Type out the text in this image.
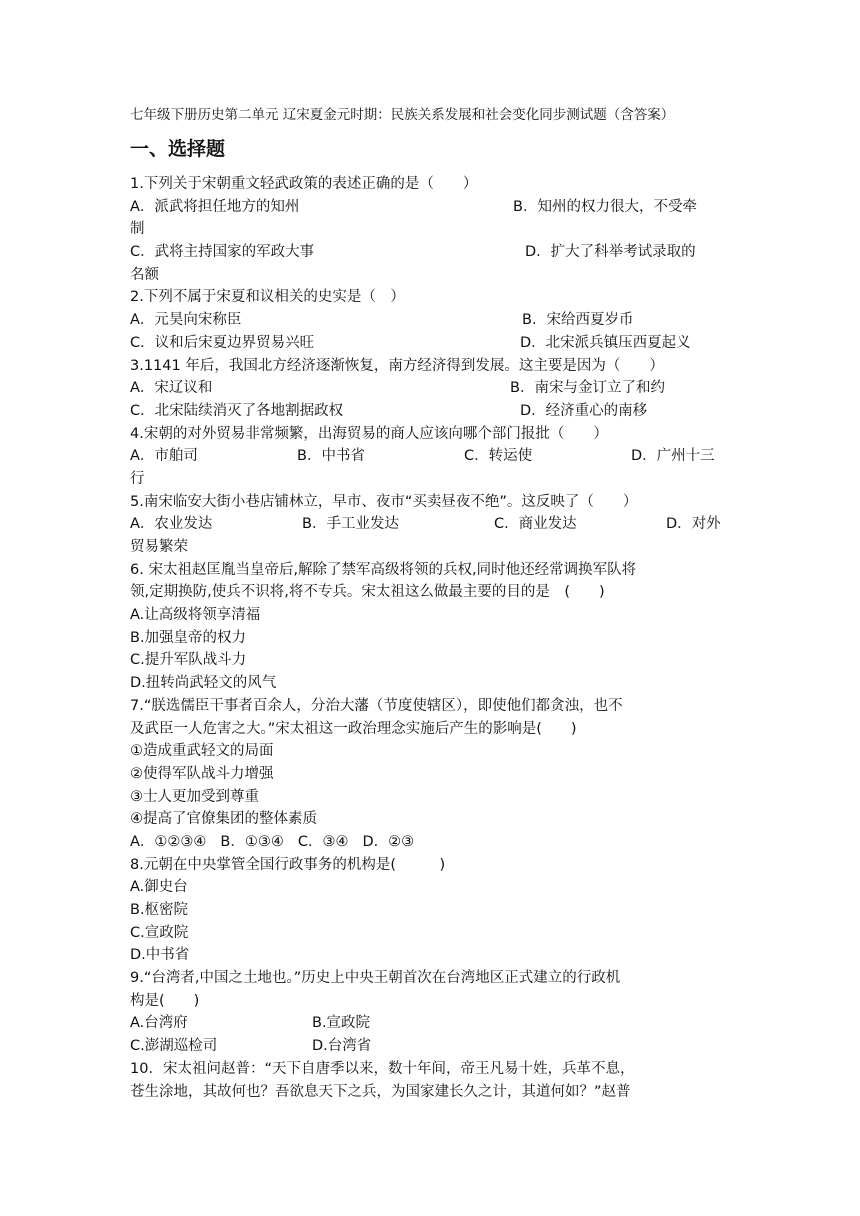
七年级下册历史第二单元 辽宋夏金元时期：民族关系发展和社会变化同步测试题（含答案）
一、选择题
1.下列关于宋朝重文轻武政策的表述正确的是（　　）
A．派武将担任地方的知州	B．知州的权力很大，不受牵
制
C．武将主持国家的军政大事	D．扩大了科举考试录取的
名额
2.下列不属于宋夏和议相关的史实是（　）
A．元昊向宋称臣	B．宋给西夏岁币
C．议和后宋夏边界贸易兴旺	D．北宋派兵镇压西夏起义
3.1141 年后，我国北方经济逐渐恢复，南方经济得到发展。这主要是因为（　　）
A．宋辽议和	B．南宋与金订立了和约
C．北宋陆续消灭了各地割据政权	D．经济重心的南移
4.宋朝的对外贸易非常频繁，出海贸易的商人应该向哪个部门报批（　　）
A．市舶司	B．中书省	C．转运使	D．广州十三
行
5.南宋临安大街小巷店铺林立，早市、夜市“买卖昼夜不绝”。这反映了（　　）
A．农业发达	B．手工业发达	C．商业发达	D．对外
贸易繁荣
6. 宋太祖赵匡胤当皇帝后,解除了禁军高级将领的兵权,同时他还经常调换军队将
领,定期换防,使兵不识将,将不专兵。宋太祖这么做最主要的目的是　(　　)
A.让高级将领享清福
B.加强皇帝的权力
C.提升军队战斗力
D.扭转尚武轻文的风气
7.“朕选儒臣干事者百余人，分治大藩（节度使辖区），即使他们都贪浊，也不
及武臣一人危害之大。”宋太祖这一政治理念实施后产生的影响是(　　)
①造成重武轻文的局面
②使得军队战斗力增强
③士人更加受到尊重
④提高了官僚集团的整体素质
A．①②③④ B．①③④ C．③④ D．②③
8.元朝在中央掌管全国行政事务的机构是(　　　)
A.御史台
B.枢密院
C.宣政院
D.中书省
9.“台湾者,中国之土地也。”历史上中央王朝首次在台湾地区正式建立的行政机
构是(　　)
A.台湾府	B.宣政院
C.澎湖巡检司	D.台湾省
10．宋太祖问赵普：“天下自唐季以来，数十年间，帝王凡易十姓，兵革不息，
苍生涂地，其故何也？吾欲息天下之兵，为国家建长久之计，其道何如？”赵普
